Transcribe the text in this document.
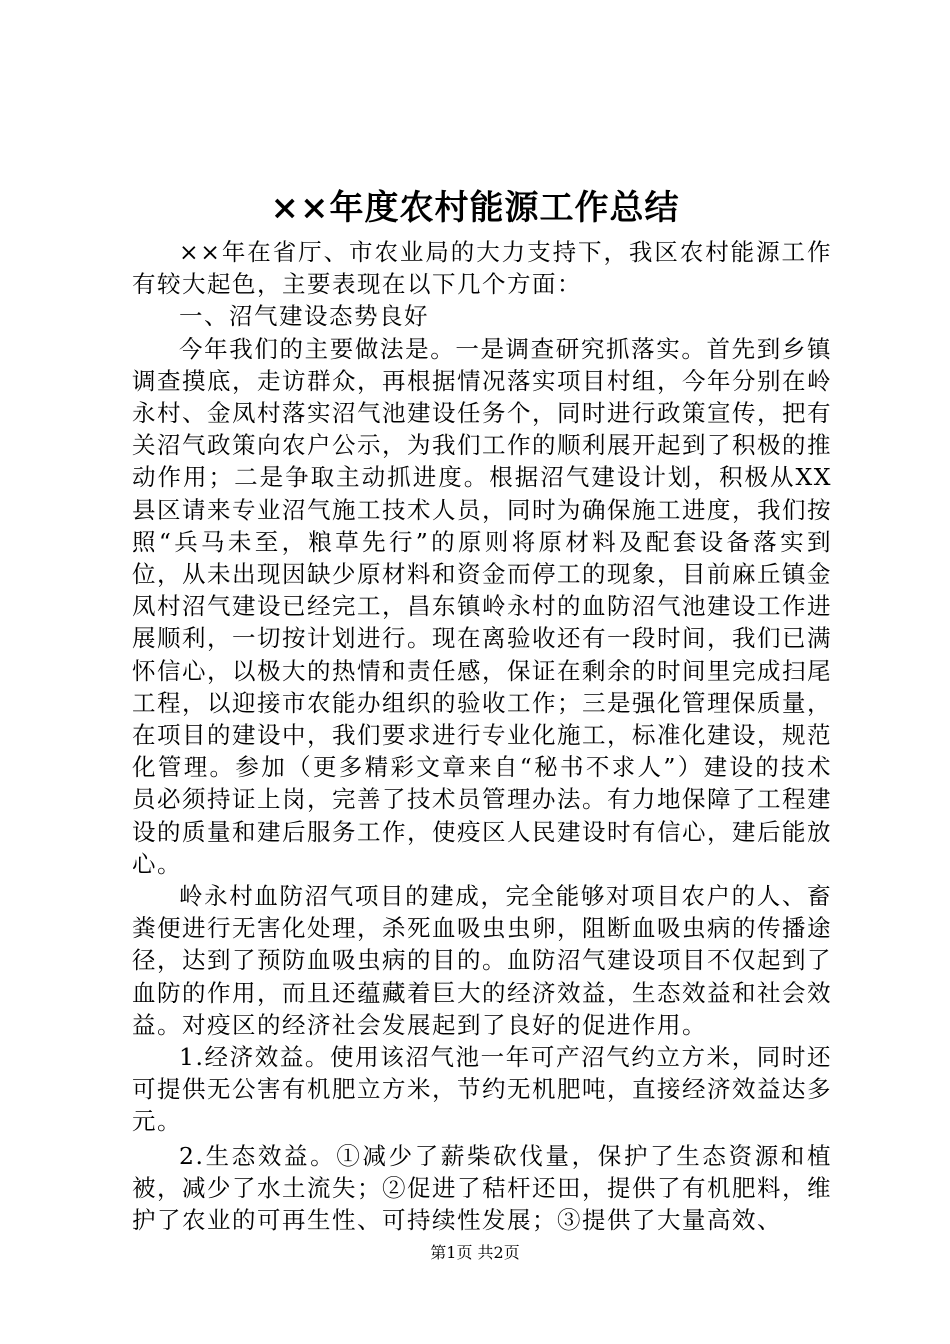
××年度农村能源工作总结

××年在省厅、市农业局的大力支持下，我区农村能源工作有较大起色，主要表现在以下几个方面：

一、沼气建设态势良好

今年我们的主要做法是。一是调查研究抓落实。首先到乡镇调查摸底，走访群众，再根据情况落实项目村组，今年分别在岭永村、金凤村落实沼气池建设任务个，同时进行政策宣传，把有关沼气政策向农户公示，为我们工作的顺利展开起到了积极的推动作用；二是争取主动抓进度。根据沼气建设计划，积极从XX县区请来专业沼气施工技术人员，同时为确保施工进度，我们按照“兵马未至，粮草先行”的原则将原材料及配套设备落实到位，从未出现因缺少原材料和资金而停工的现象，目前麻丘镇金凤村沼气建设已经完工，昌东镇岭永村的血防沼气池建设工作进展顺利，一切按计划进行。现在离验收还有一段时间，我们已满怀信心，以极大的热情和责任感，保证在剩余的时间里完成扫尾工程，以迎接市农能办组织的验收工作；三是强化管理保质量，在项目的建设中，我们要求进行专业化施工，标准化建设，规范化管理。参加（更多精彩文章来自“秘书不求人”）建设的技术员必须持证上岗，完善了技术员管理办法。有力地保障了工程建设的质量和建后服务工作，使疫区人民建设时有信心，建后能放心。

岭永村血防沼气项目的建成，完全能够对项目农户的人、畜粪便进行无害化处理，杀死血吸虫虫卵，阻断血吸虫病的传播途径，达到了预防血吸虫病的目的。血防沼气建设项目不仅起到了血防的作用，而且还蕴藏着巨大的经济效益，生态效益和社会效益。对疫区的经济社会发展起到了良好的促进作用。

1.经济效益。使用该沼气池一年可产沼气约立方米，同时还可提供无公害有机肥立方米，节约无机肥吨，直接经济效益达多元。

2.生态效益。①减少了薪柴砍伐量，保护了生态资源和植被，减少了水土流失；②促进了秸杆还田，提供了有机肥料，维护了农业的可再生性、可持续性发展；③提供了大量高效、

第1页 共2页
